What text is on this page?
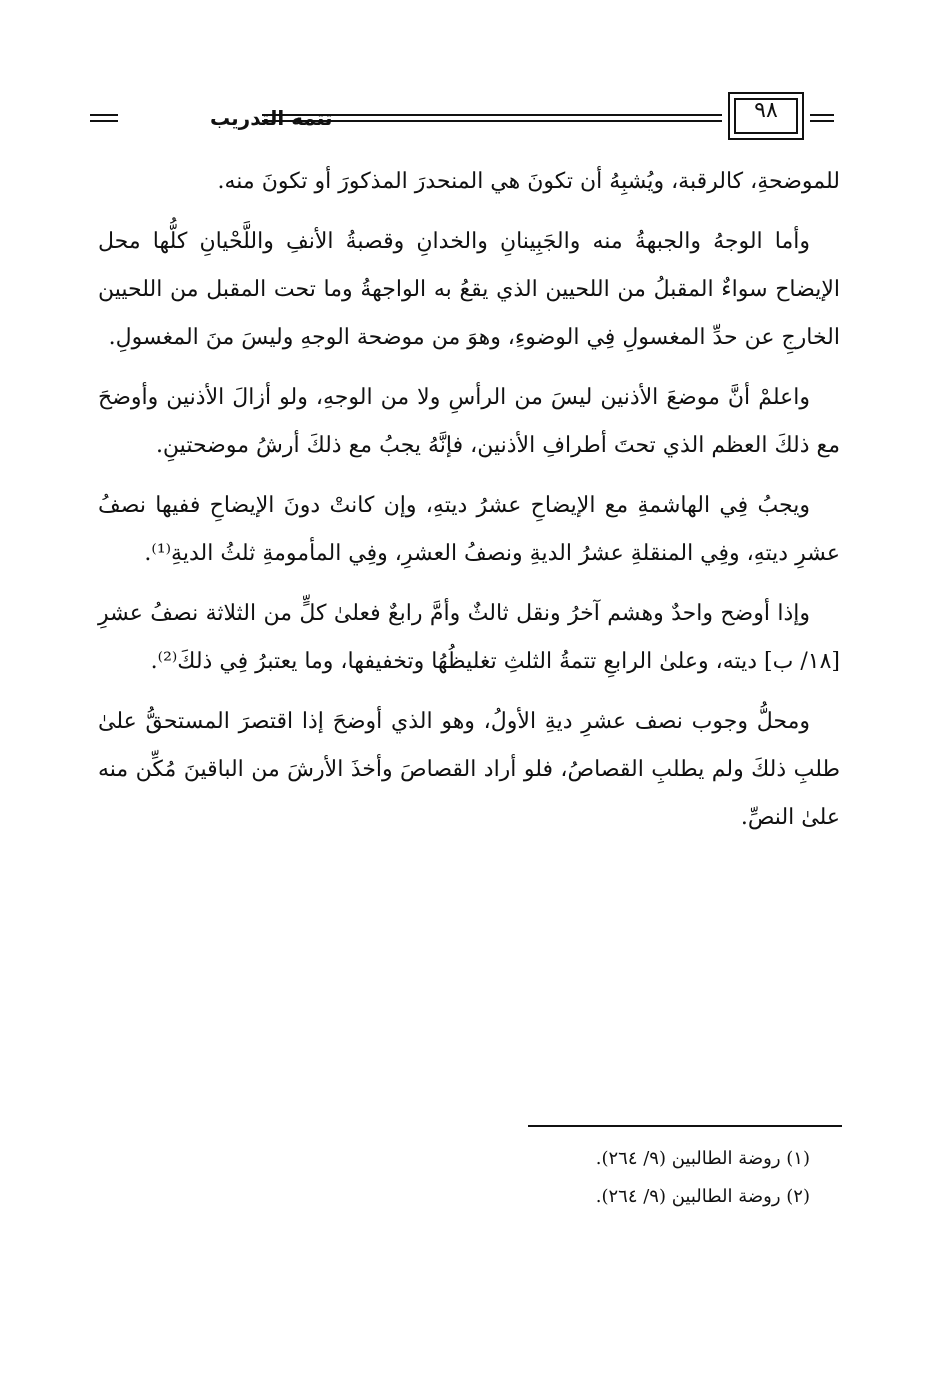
تتمة التدريب	٩٨

للموضحةِ، كالرقبة، ويُشبِهُ أن تكونَ هي المنحدرَ المذكورَ أو تكونَ منه.

وأما الوجهُ والجبهةُ منه والجَبِينانِ والخدانِ وقصبةُ الأنفِ واللَّحْيانِ كلُّها محل الإيضاح سواءٌ المقبلُ من اللحيين الذي يقعُ به الواجهةُ وما تحت المقبل من اللحيين الخارجِ عن حدِّ المغسولِ فِي الوضوءِ، وهوَ من موضحة الوجهِ وليسَ منَ المغسولِ.

واعلمْ أنَّ موضعَ الأذنين ليسَ من الرأسِ ولا من الوجهِ، ولو أزالَ الأذنين وأوضحَ مع ذلكَ العظم الذي تحتَ أطرافِ الأذنين، فإنَّهُ يجبُ مع ذلكَ أرشُ موضحتينِ.

ويجبُ فِي الهاشمةِ مع الإيضاحِ عشرُ ديتهِ، وإن كانتْ دونَ الإيضاحِ ففيها نصفُ عشرِ ديتهِ، وفِي المنقلةِ عشرُ الديةِ ونصفُ العشرِ، وفِي المأمومةِ ثلثُ الديةِ⁽¹⁾.

وإذا أوضح واحدٌ وهشم آخرُ ونقل ثالثٌ وأمَّ رابعٌ فعلىٰ كلٍّ من الثلاثة نصفُ عشرِ [١٨/ ب] ديته، وعلىٰ الرابعِ تتمةُ الثلثِ تغليظُهُا وتخفيفها، وما يعتبرُ فِي ذلكَ⁽²⁾.

ومحلُّ وجوب نصف عشرِ ديةِ الأولُ، وهو الذي أوضحَ إذا اقتصرَ المستحقُّ علىٰ طلبِ ذلكَ ولم يطلبِ القصاصُ، فلو أراد القصاصَ وأخذَ الأرشَ من الباقينَ مُكِّن منه علىٰ النصِّ.

(١) روضة الطالبين (٩/ ٢٦٤).

(٢) روضة الطالبين (٩/ ٢٦٤).
